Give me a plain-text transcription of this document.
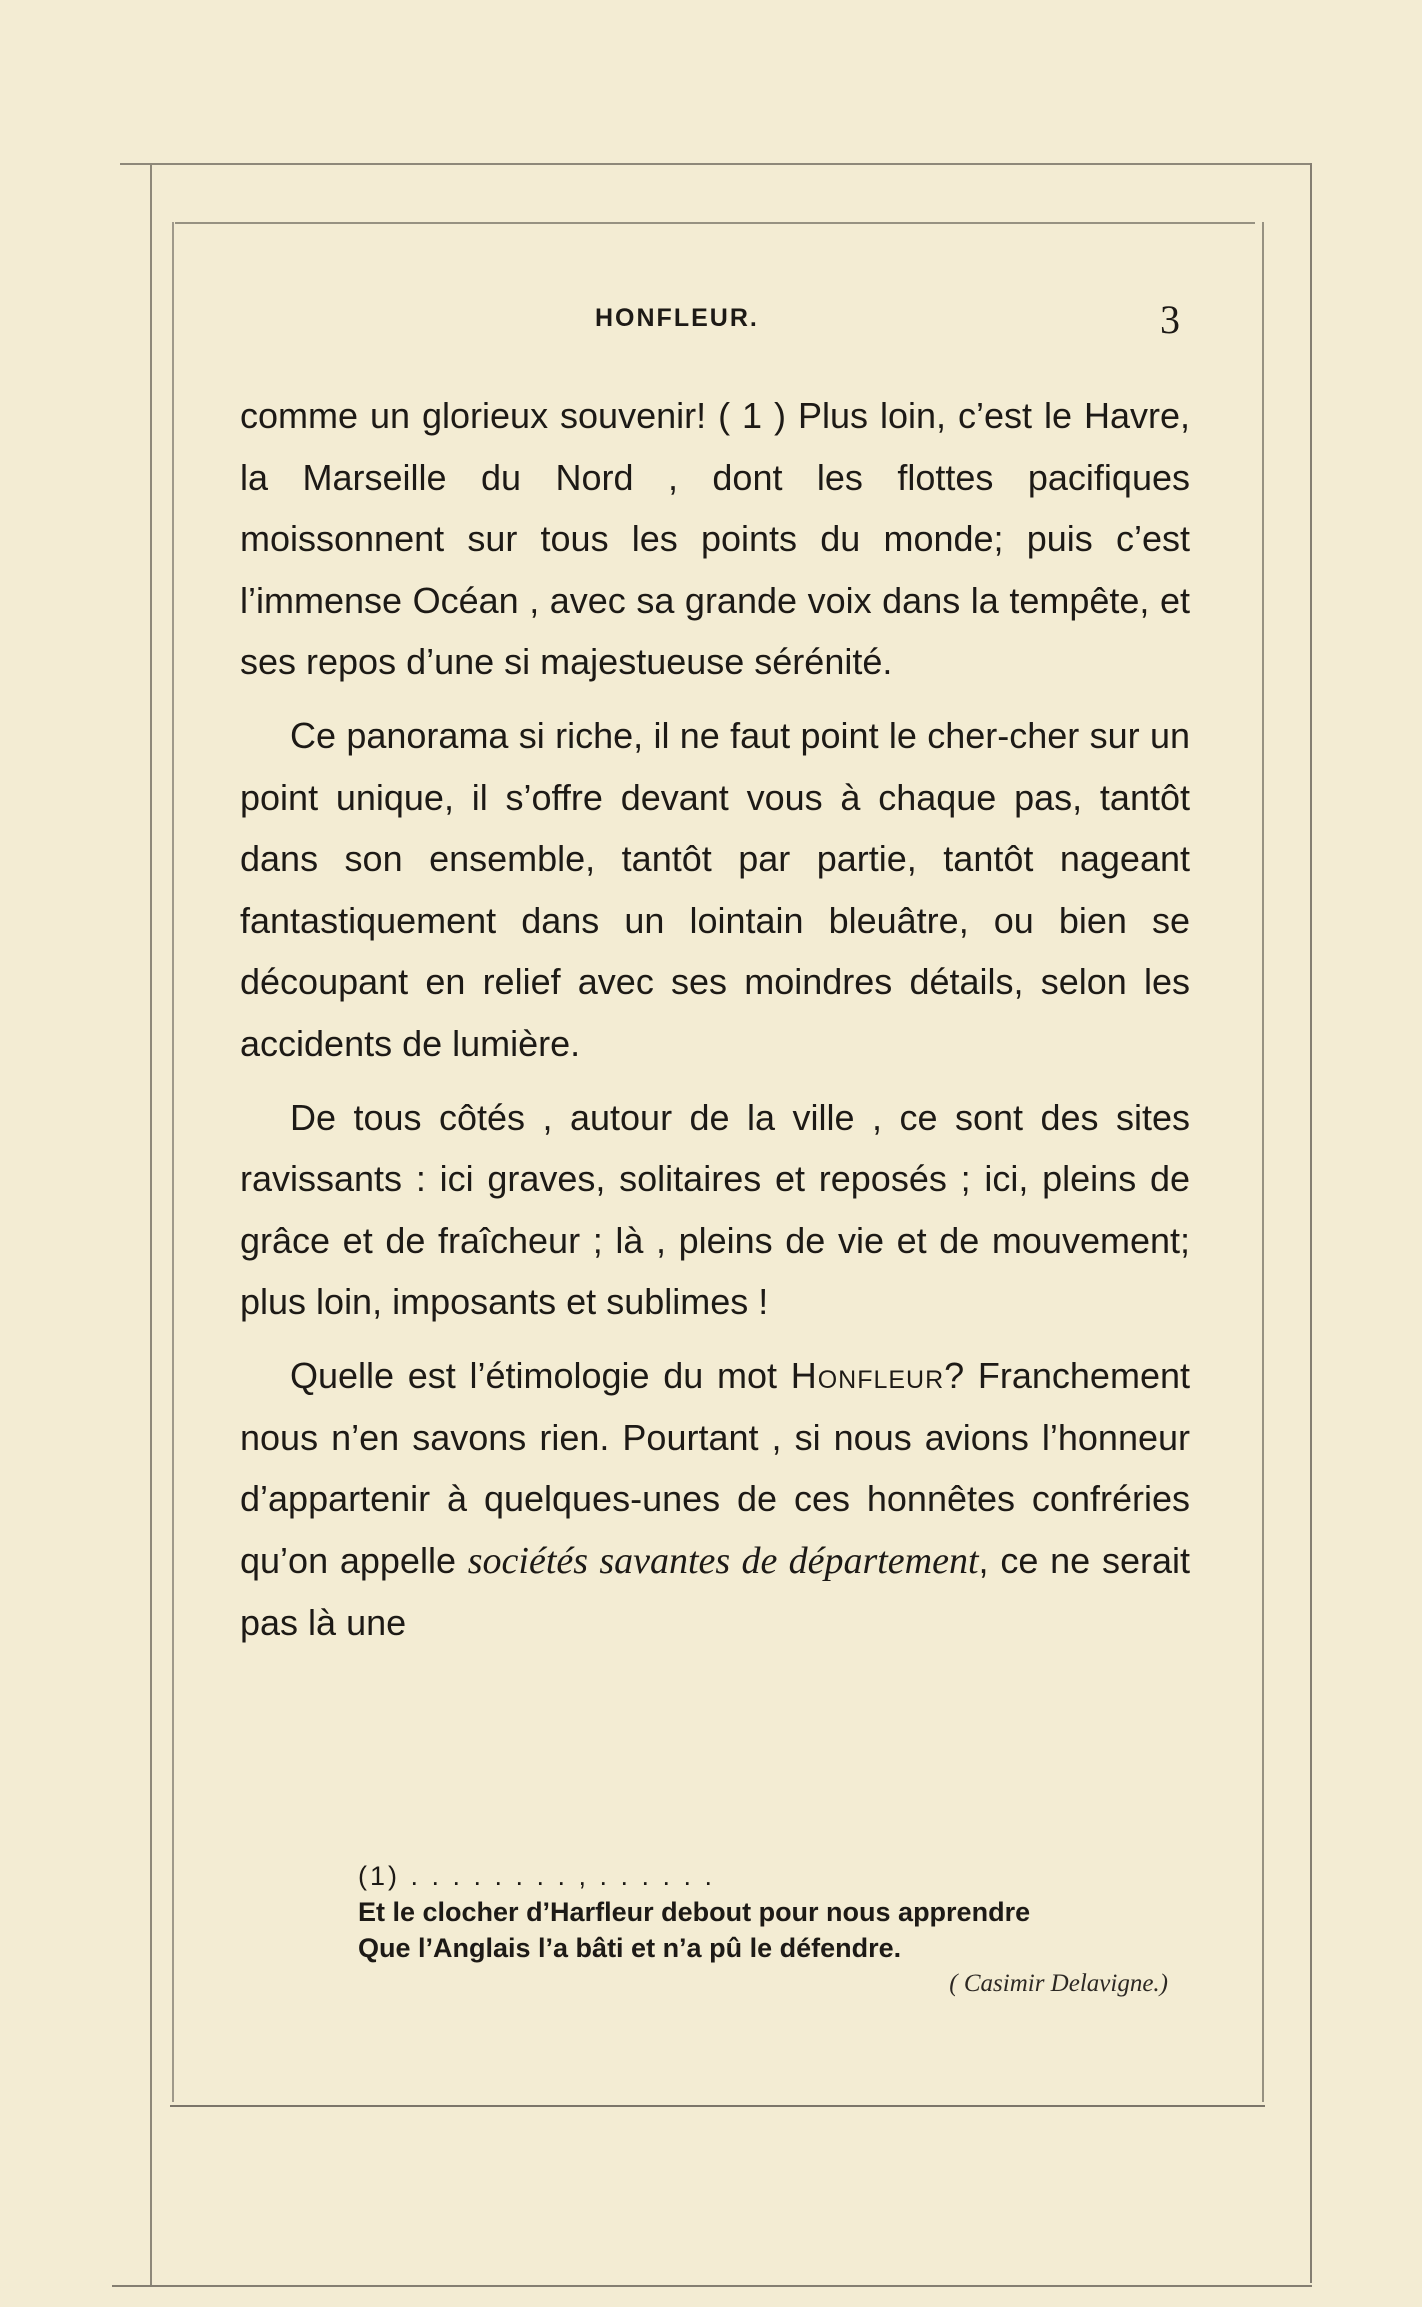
HONFLEUR.	3

comme un glorieux souvenir! ( 1 ) Plus loin, c’est le Havre, la Marseille du Nord , dont les flottes pacifiques moissonnent sur tous les points du monde; puis c’est l’immense Océan , avec sa grande voix dans la tempête, et ses repos d’une si majestueuse sérénité.

Ce panorama si riche, il ne faut point le cher-cher sur un point unique, il s’offre devant vous à chaque pas, tantôt dans son ensemble, tantôt par partie, tantôt nageant fantastiquement dans un lointain bleuâtre, ou bien se découpant en relief avec ses moindres détails, selon les accidents de lumière.

De tous côtés , autour de la ville , ce sont des sites ravissants : ici graves, solitaires et reposés ; ici, pleins de grâce et de fraîcheur ; là , pleins de vie et de mouvement; plus loin, imposants et sublimes !

Quelle est l’étimologie du mot Honfleur? Franchement nous n’en savons rien. Pourtant , si nous avions l’honneur d’appartenir à quelques-unes de ces honnêtes confréries qu’on appelle sociétés savantes de département, ce ne serait pas là une

(1) . . . . . . . . , . . . . . .
Et le clocher d’Harfleur debout pour nous apprendre
Que l’Anglais l’a bâti et n’a pû le défendre.
( Casimir Delavigne.)
